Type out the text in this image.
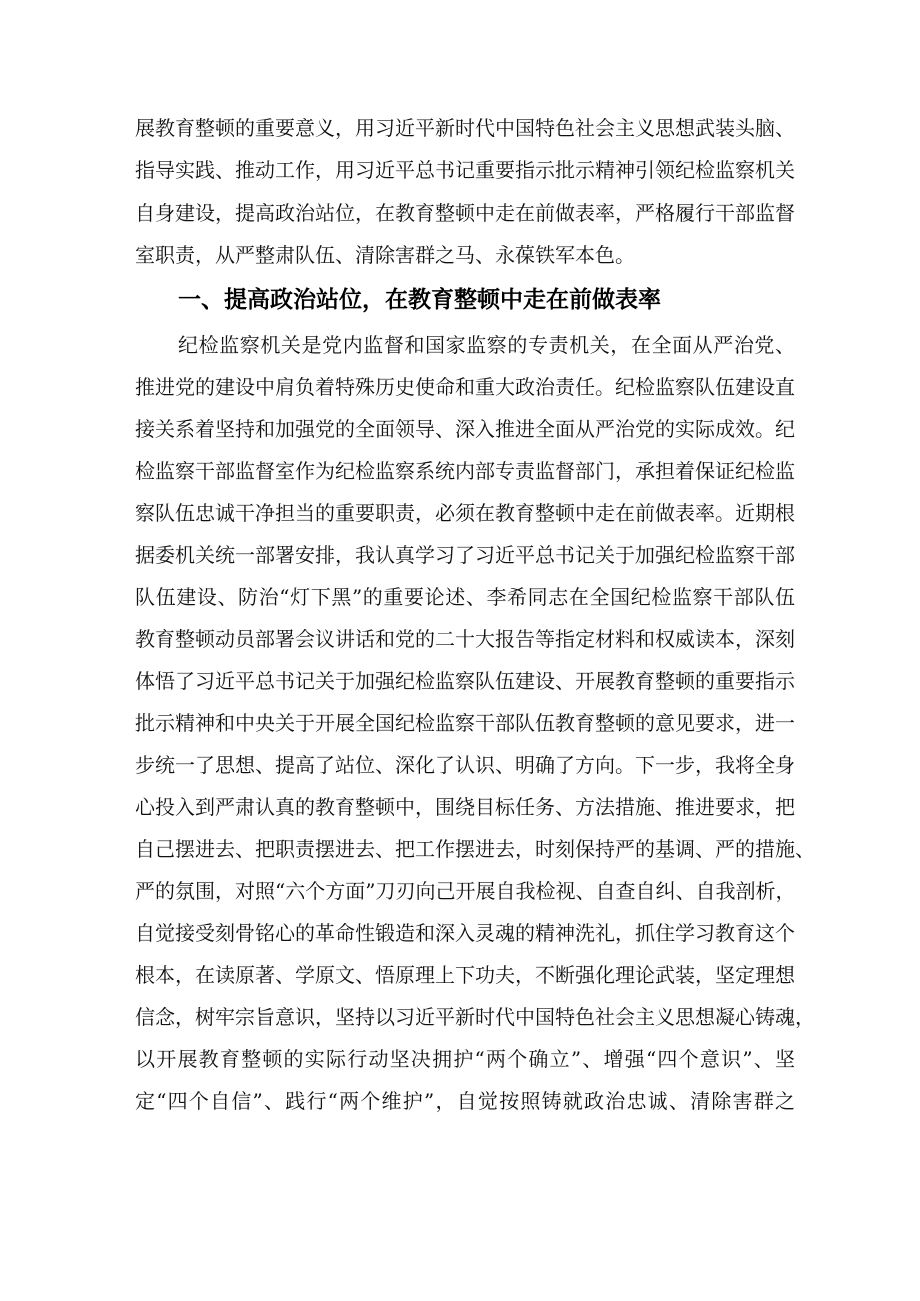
展教育整顿的重要意义，用习近平新时代中国特色社会主义思想武装头脑、
指导实践、推动工作，用习近平总书记重要指示批示精神引领纪检监察机关
自身建设，提高政治站位，在教育整顿中走在前做表率，严格履行干部监督
室职责，从严整肃队伍、清除害群之马、永葆铁军本色。
一、提高政治站位，在教育整顿中走在前做表率
纪检监察机关是党内监督和国家监察的专责机关，在全面从严治党、
推进党的建设中肩负着特殊历史使命和重大政治责任。纪检监察队伍建设直
接关系着坚持和加强党的全面领导、深入推进全面从严治党的实际成效。纪
检监察干部监督室作为纪检监察系统内部专责监督部门，承担着保证纪检监
察队伍忠诚干净担当的重要职责，必须在教育整顿中走在前做表率。近期根
据委机关统一部署安排，我认真学习了习近平总书记关于加强纪检监察干部
队伍建设、防治“灯下黑”的重要论述、李希同志在全国纪检监察干部队伍
教育整顿动员部署会议讲话和党的二十大报告等指定材料和权威读本，深刻
体悟了习近平总书记关于加强纪检监察队伍建设、开展教育整顿的重要指示
批示精神和中央关于开展全国纪检监察干部队伍教育整顿的意见要求，进一
步统一了思想、提高了站位、深化了认识、明确了方向。下一步，我将全身
心投入到严肃认真的教育整顿中，围绕目标任务、方法措施、推进要求，把
自己摆进去、把职责摆进去、把工作摆进去，时刻保持严的基调、严的措施、
严的氛围，对照“六个方面”刀刃向己开展自我检视、自查自纠、自我剖析，
自觉接受刻骨铭心的革命性锻造和深入灵魂的精神洗礼，抓住学习教育这个
根本，在读原著、学原文、悟原理上下功夫，不断强化理论武装，坚定理想
信念，树牢宗旨意识，坚持以习近平新时代中国特色社会主义思想凝心铸魂，
以开展教育整顿的实际行动坚决拥护“两个确立”、增强“四个意识”、坚
定“四个自信”、践行“两个维护”，自觉按照铸就政治忠诚、清除害群之
